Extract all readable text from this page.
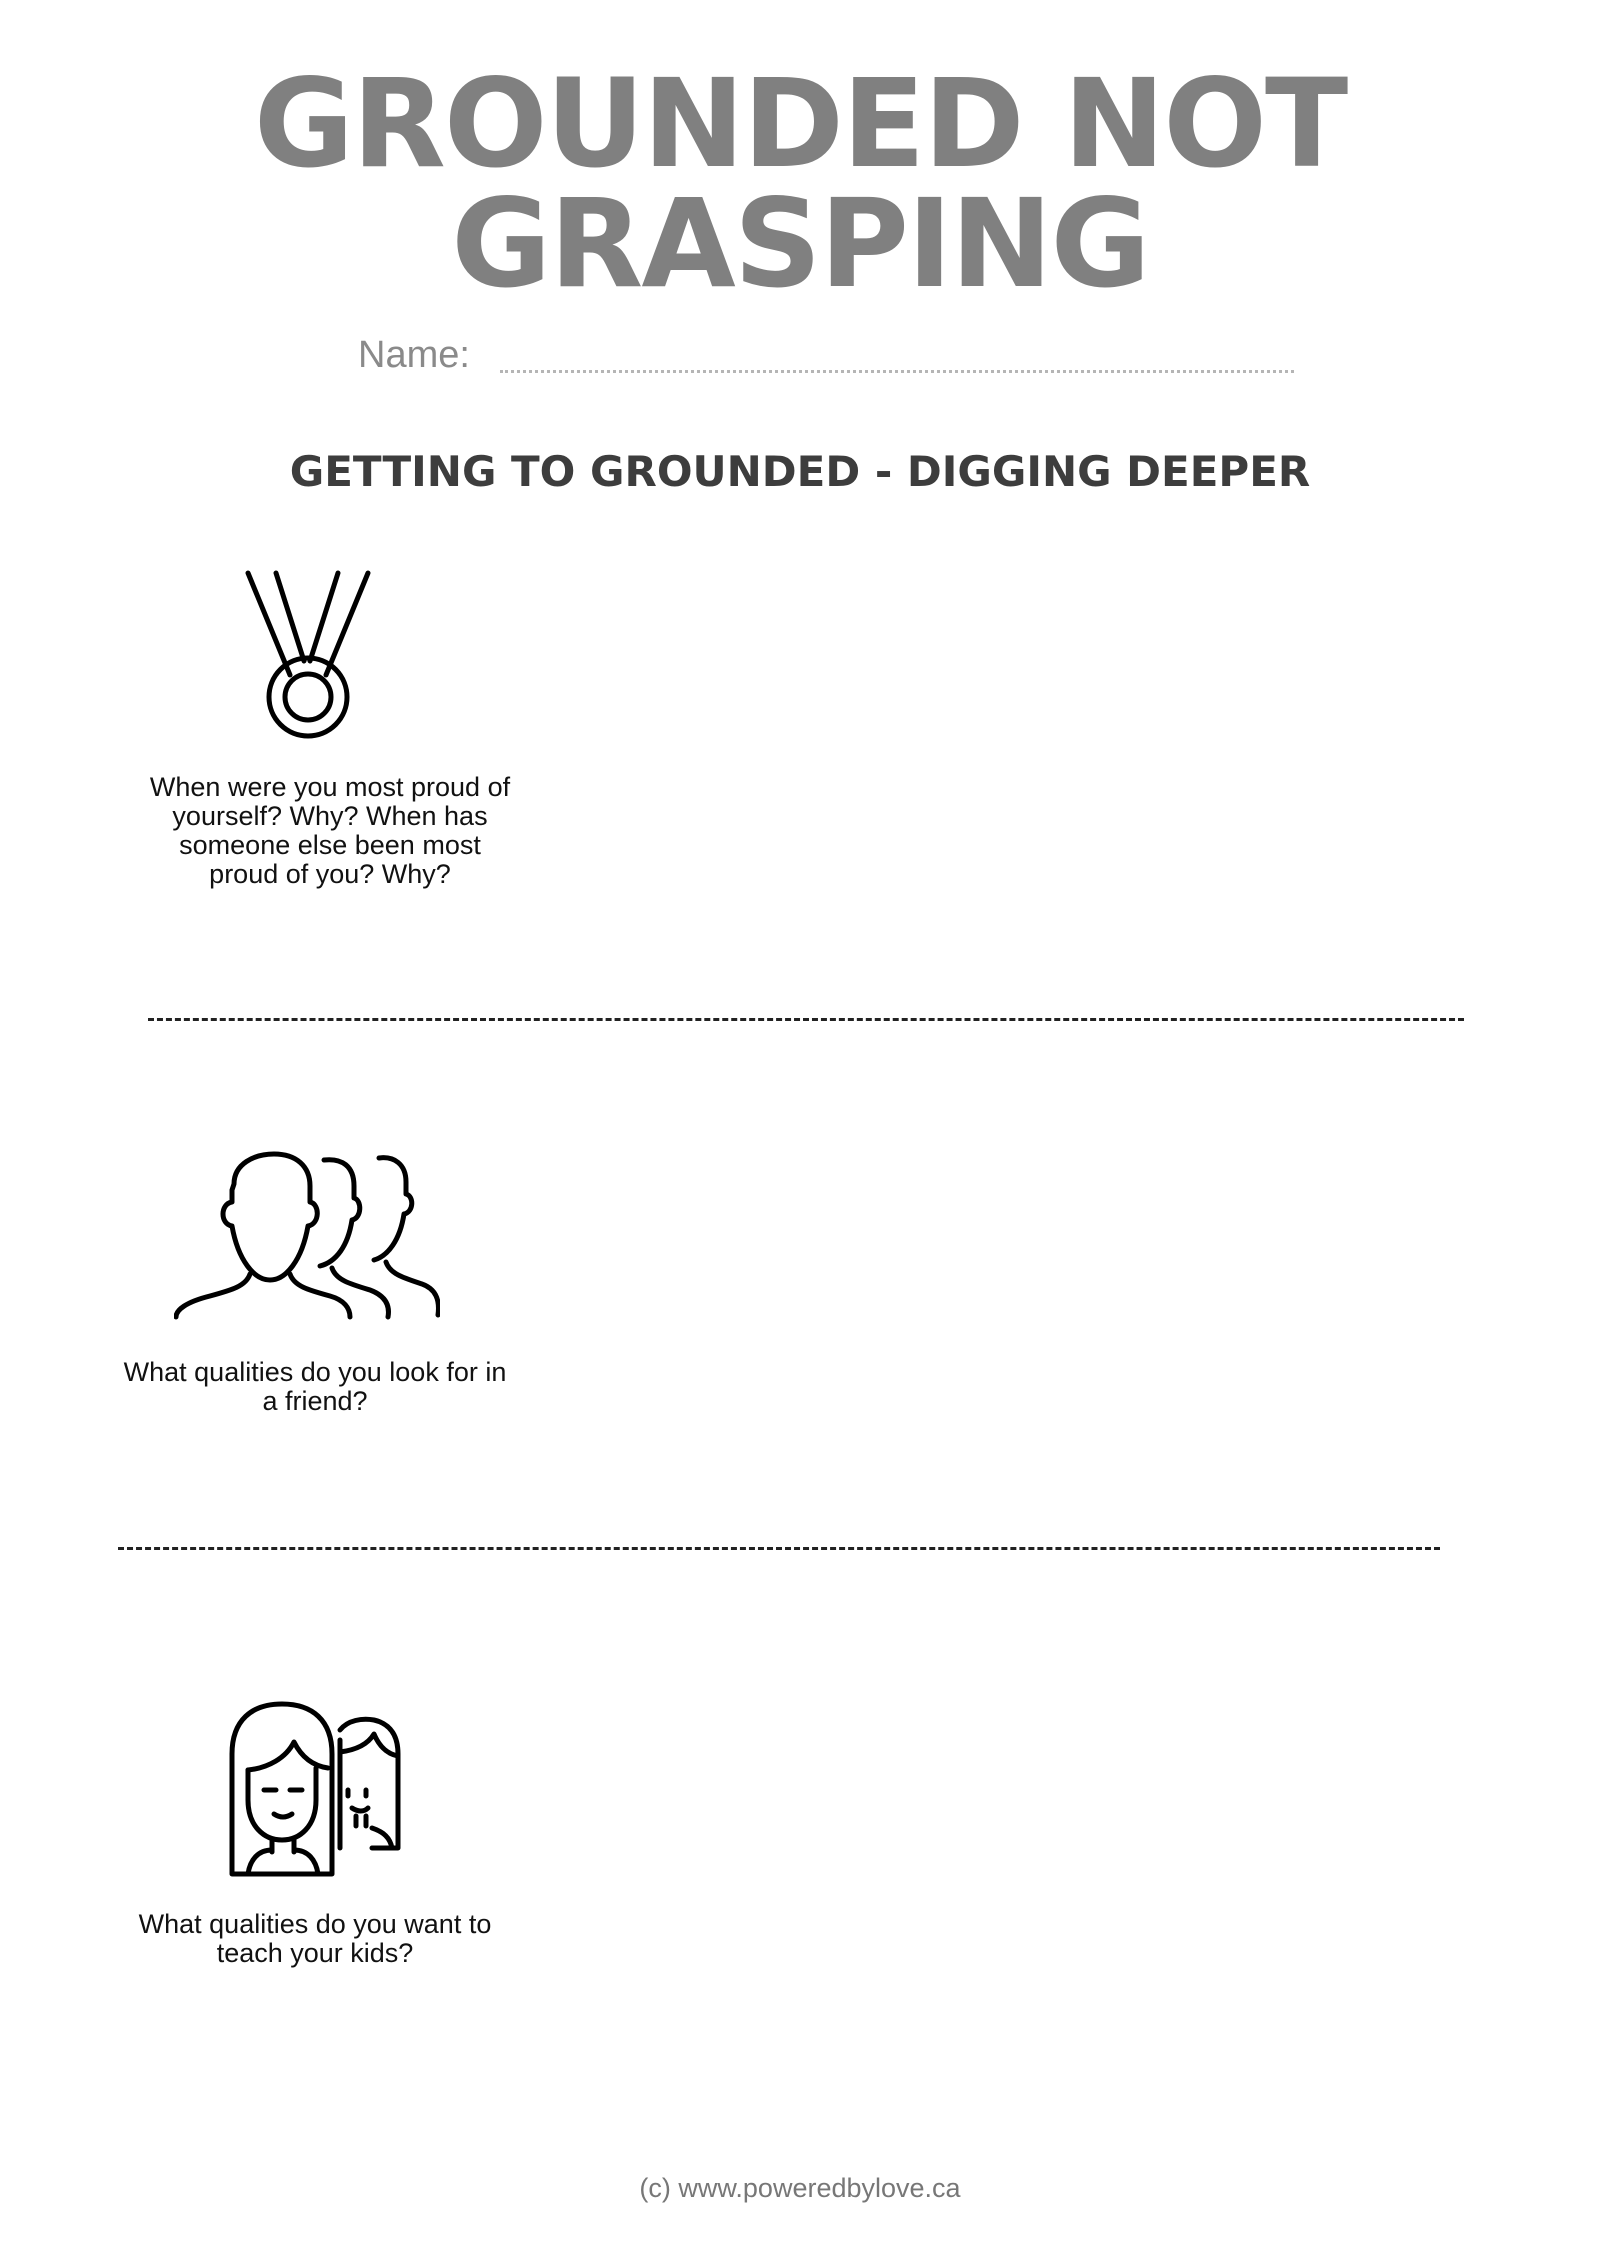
GROUNDED NOT
GRASPING
Name:
GETTING TO GROUNDED - DIGGING DEEPER
When were you most proud of
yourself? Why? When has
someone else been most
proud of you? Why?
What qualities do you look for in
a friend?
What qualities do you want to
teach your kids?
(c) www.poweredbylove.ca
